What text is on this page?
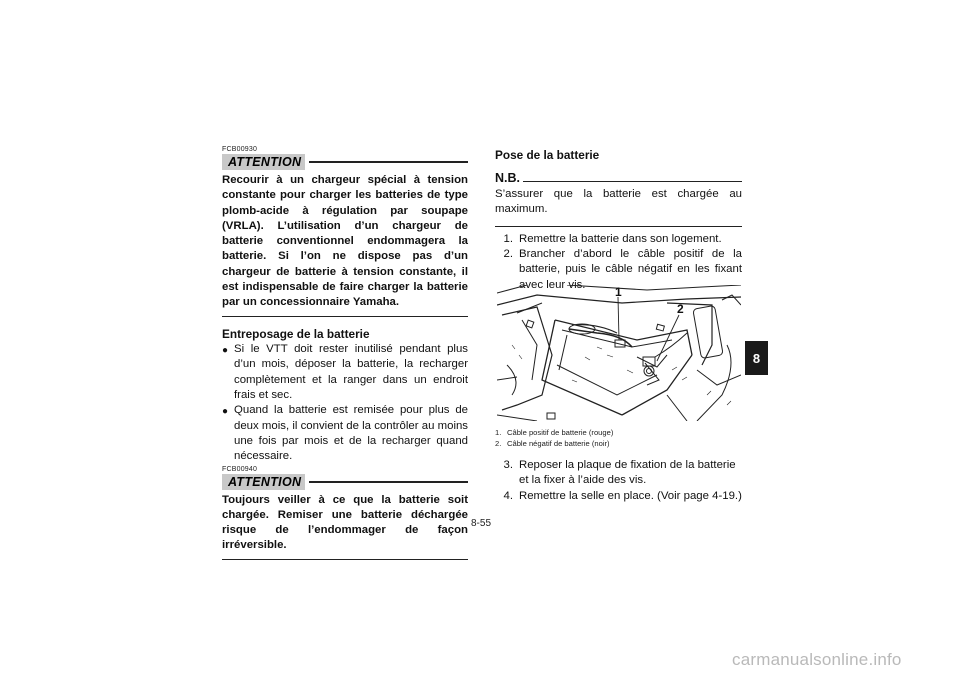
FCB00930
ATTENTION
Recourir à un chargeur spécial à tension constante pour charger les batteries de type plomb-acide à régulation par soupape (VRLA). L’utilisation d’un chargeur de batterie conventionnel endommagera la batterie. Si l’on ne dispose pas d’un chargeur de batterie à tension constante, il est indispensable de faire charger la batterie par un concessionnaire Yamaha.
Entreposage de la batterie
● Si le VTT doit rester inutilisé pendant plus d’un mois, déposer la batterie, la recharger complètement et la ranger dans un endroit frais et sec.
● Quand la batterie est remisée pour plus de deux mois, il convient de la contrôler au moins une fois par mois et de la recharger quand nécessaire.
FCB00940
ATTENTION
Toujours veiller à ce que la batterie soit chargée. Remiser une batterie déchargée risque de l’endommager de façon irréversible.
Pose de la batterie
N.B.
S’assurer que la batterie est chargée au maximum.
1. Remettre la batterie dans son logement.
2. Brancher d’abord le câble positif de la batterie, puis le câble négatif en les fixant avec leur vis.
1
2
1. Câble positif de batterie (rouge)
2. Câble négatif de batterie (noir)
3. Reposer la plaque de fixation de la batterie et la fixer à l’aide des vis.
4. Remettre la selle en place. (Voir page 4-19.)
8
8-55
carmanualsonline.info
